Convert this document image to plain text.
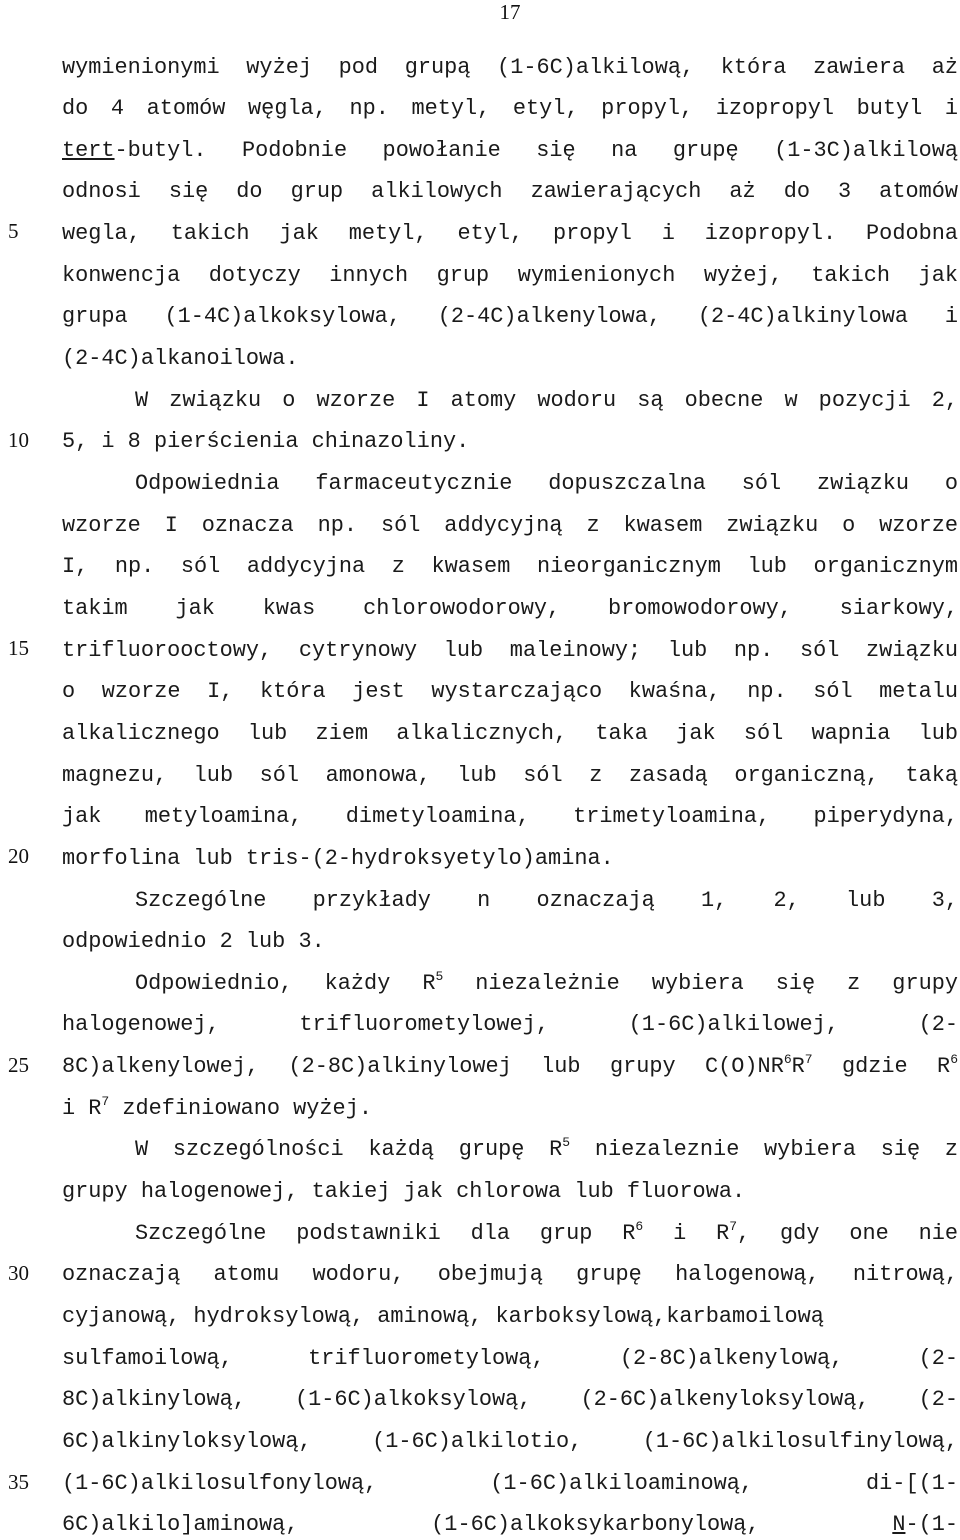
17
5
10
15
20
25
30
35
wymienionymi wyżej pod grupą (1-6C)alkilową, która zawiera aż
do 4 atomów węgla, np. metyl, etyl, propyl, izopropyl butyl i
tert-butyl. Podobnie powołanie się na grupę (1-3C)alkilową
odnosi się do grup alkilowych zawierających aż do 3 atomów
wegla, takich jak metyl, etyl, propyl i izopropyl. Podobna
konwencja dotyczy innych grup wymienionych wyżej, takich jak
grupa (1-4C)alkoksylowa, (2-4C)alkenylowa, (2-4C)alkinylowa i
(2-4C)alkanoilowa.
W związku o wzorze I atomy wodoru są obecne w pozycji 2,
5, i 8 pierścienia chinazoliny.
Odpowiednia farmaceutycznie dopuszczalna sól związku o
wzorze I oznacza np. sól addycyjną z kwasem związku o wzorze
I, np. sól addycyjna z kwasem nieorganicznym lub organicznym
takim jak kwas chlorowodorowy, bromowodorowy, siarkowy,
trifluorooctowy, cytrynowy lub maleinowy; lub np. sól związku
o wzorze I, która jest wystarczająco kwaśna, np. sól metalu
alkalicznego lub ziem alkalicznych, taka jak sól wapnia lub
magnezu, lub sól amonowa, lub sól z zasadą organiczną, taką
jak metyloamina, dimetyloamina, trimetyloamina, piperydyna,
morfolina lub tris-(2-hydroksyetylo)amina.
Szczególne przykłady n oznaczają 1, 2, lub 3,
odpowiednio 2 lub 3.
Odpowiednio, każdy $R^5$ niezależnie wybiera się z grupy
halogenowej, trifluorometylowej, (1-6C)alkilowej, (2-
8C)alkenylowej, (2-8C)alkinylowej lub grupy $C(O)NR^6R^7$ gdzie $R^6$
i $R^7$ zdefiniowano wyżej.
W szczególności każdą grupę $R^5$ niezaleznie wybiera się z
grupy halogenowej, takiej jak chlorowa lub fluorowa.
Szczególne podstawniki dla grup $R^6$ i $R^7$, gdy one nie
oznaczają atomu wodoru, obejmują grupę halogenową, nitrową,
cyjanową, hydroksylową, aminową, karboksylową,karbamoilową
sulfamoilową, trifluorometylową, (2-8C)alkenylową, (2-
8C)alkinylową, (1-6C)alkoksylową, (2-6C)alkenyloksylową, (2-
6C)alkinyloksylową, (1-6C)alkilotio, (1-6C)alkilosulfinylową,
(1-6C)alkilosulfonylową, (1-6C)alkiloaminową, di-[(1-
6C)alkilo]aminową, (1-6C)alkoksykarbonylową, N-(1-
